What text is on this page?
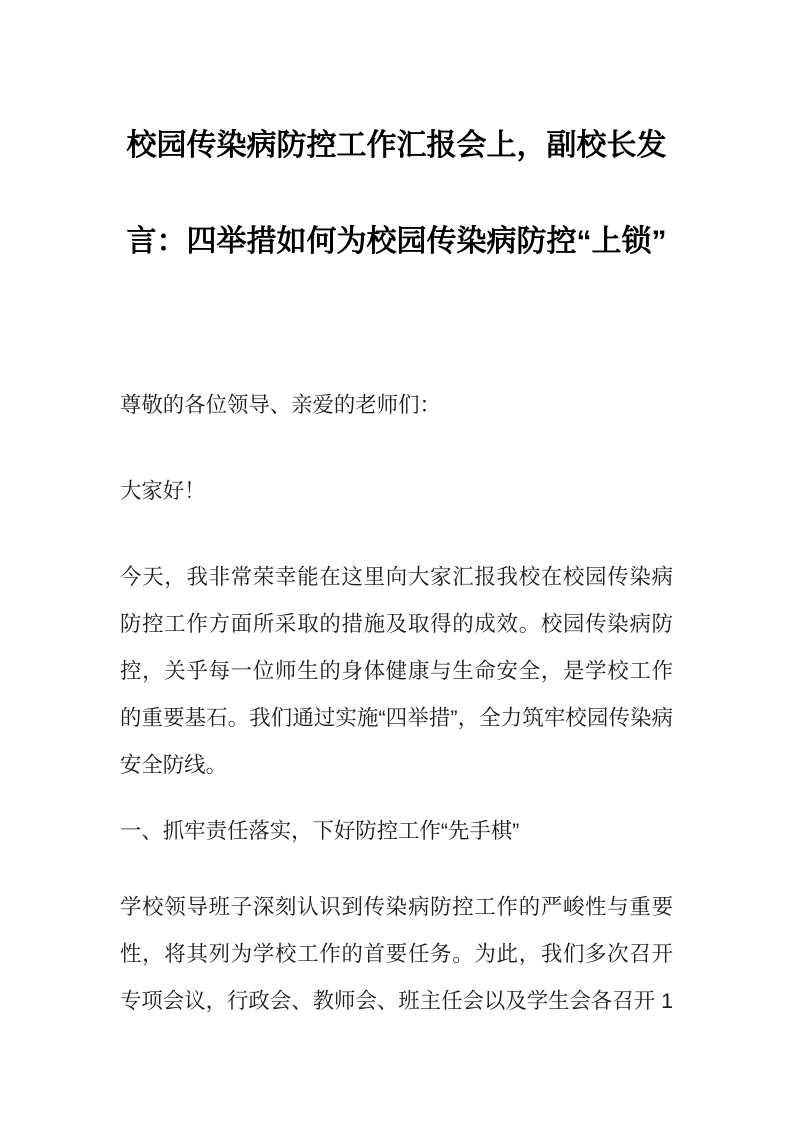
校园传染病防控工作汇报会上，副校长发
言：四举措如何为校园传染病防控“上锁”

尊敬的各位领导、亲爱的老师们：

大家好！

今天，我非常荣幸能在这里向大家汇报我校在校园传染病防控工作方面所采取的措施及取得的成效。校园传染病防控，关乎每一位师生的身体健康与生命安全，是学校工作的重要基石。我们通过实施“四举措”，全力筑牢校园传染病安全防线。

一、抓牢责任落实，下好防控工作“先手棋”

学校领导班子深刻认识到传染病防控工作的严峻性与重要性，将其列为学校工作的首要任务。为此，我们多次召开专项会议，行政会、教师会、班主任会以及学生会各召开 1
